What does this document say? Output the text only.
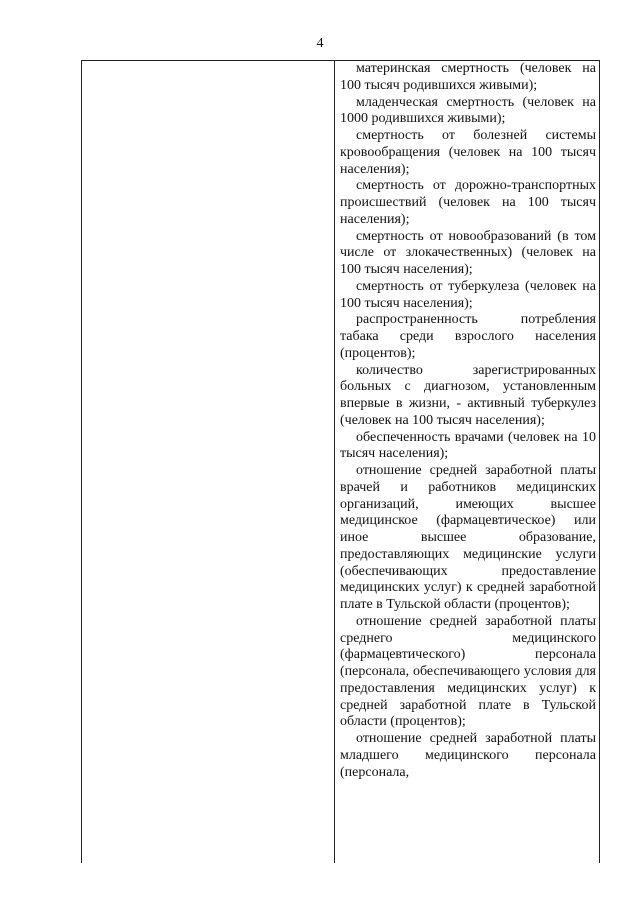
4

материнская смертность (человек на 100 тысяч родившихся живыми);

младенческая смертность (человек на 1000 родившихся живыми);

смертность от болезней системы кровообращения (человек на 100 тысяч населения);

смертность от дорожно-транспортных происшествий (человек на 100 тысяч населения);

смертность от новообразований (в том числе от злокачественных) (человек на 100 тысяч населения);

смертность от туберкулеза (человек на 100 тысяч населения);

распространенность потребления табака среди взрослого населения (процентов);

количество зарегистрированных больных с диагнозом, установленным впервые в жизни, - активный туберкулез (человек на 100 тысяч населения);

обеспеченность врачами (человек на 10 тысяч населения);

отношение средней заработной платы врачей и работников медицинских организаций, имеющих высшее медицинское (фармацевтическое) или иное высшее образование, предоставляющих медицинские услуги (обеспечивающих предоставление медицинских услуг) к средней заработной плате в Тульской области (процентов);

отношение средней заработной платы среднего медицинского (фармацевтического) персонала (персонала, обеспечивающего условия для предоставления медицинских услуг) к средней заработной плате в Тульской области (процентов);

отношение средней заработной платы младшего медицинского персонала (персонала,
